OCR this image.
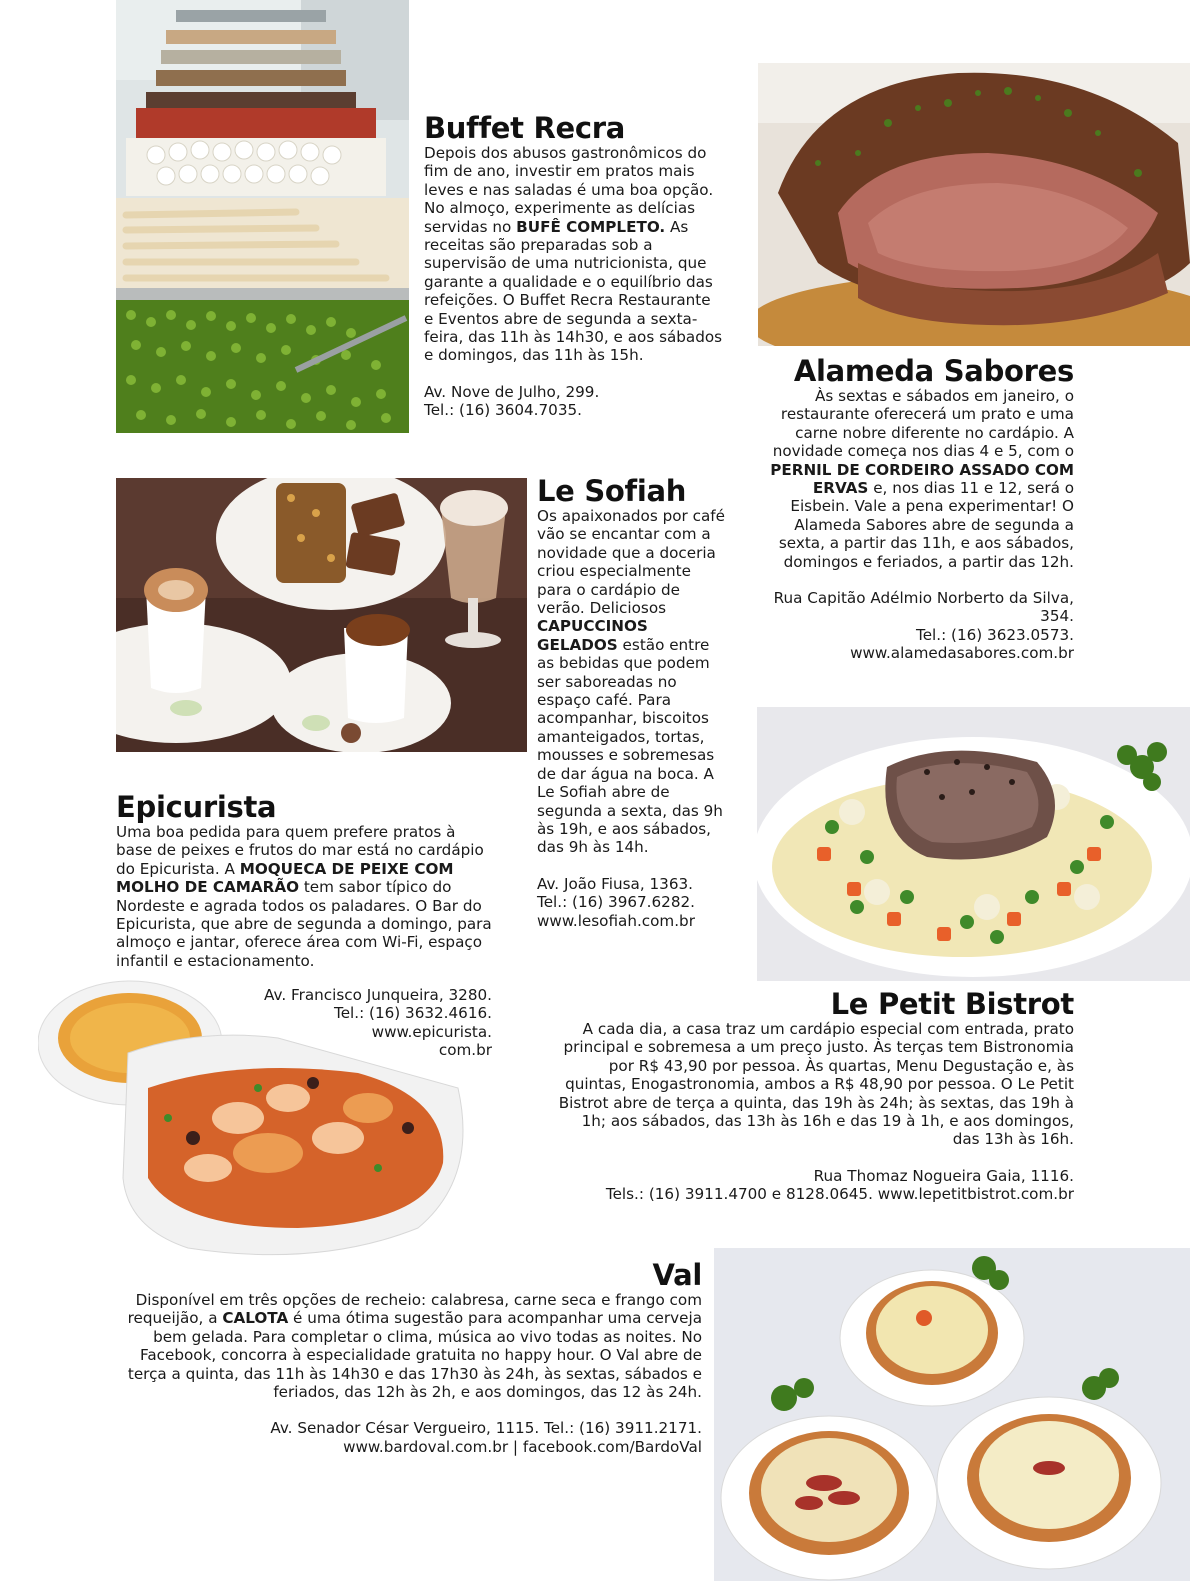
Buffet Recra

Depois dos abusos gastronômicos do fim de ano, investir em pratos mais leves e nas saladas é uma boa opção. No almoço, experimente as delícias servidas no BUFÊ COMPLETO. As receitas são preparadas sob a supervisão de uma nutricionista, que garante a qualidade e o equilíbrio das refeições. O Buffet Recra Restaurante e Eventos abre de segunda a sexta-feira, das 11h às 14h30, e aos sábados e domingos, das 11h às 15h.

Av. Nove de Julho, 299.

Tel.: (16) 3604.7035.

Alameda Sabores

Às sextas e sábados em janeiro, o restaurante oferecerá um prato e uma carne nobre diferente no cardápio. A novidade começa nos dias 4 e 5, com o PERNIL DE CORDEIRO ASSADO COM ERVAS e, nos dias 11 e 12, será o Eisbein. Vale a pena experimentar! O Alameda Sabores abre de segunda a sexta, a partir das 11h, e aos sábados, domingos e feriados, a partir das 12h.

Rua Capitão Adélmio Norberto da Silva, 354.

Tel.: (16) 3623.0573.

www.alamedasabores.com.br

Le Sofiah

Os apaixonados por café vão se encantar com a novidade que a doceria criou especialmente para o cardápio de verão. Deliciosos CAPUCCINOS GELADOS estão entre as bebidas que podem ser saboreadas no espaço café. Para acompanhar, biscoitos amanteigados, tortas, mousses e sobremesas de dar água na boca. A Le Sofiah abre de segunda a sexta, das 9h às 19h, e aos sábados, das 9h às 14h.

Av. João Fiusa, 1363.

Tel.: (16) 3967.6282.

www.lesofiah.com.br

Epicurista

Uma boa pedida para quem prefere pratos à base de peixes e frutos do mar está no cardápio do Epicurista. A MOQUECA DE PEIXE COM MOLHO DE CAMARÃO tem sabor típico do Nordeste e agrada todos os paladares. O Bar do Epicurista, que abre de segunda a domingo, para almoço e jantar, oferece área com Wi-Fi, espaço infantil e estacionamento.

Av. Francisco Junqueira, 3280.

Tel.: (16) 3632.4616.

www.epicurista.
com.br

Le Petit Bistrot

A cada dia, a casa traz um cardápio especial com entrada, prato principal e sobremesa a um preço justo. Às terças tem Bistronomia por R$ 43,90 por pessoa. Às quartas, Menu Degustação e, às quintas, Enogastronomia, ambos a R$ 48,90 por pessoa. O Le Petit Bistrot abre de terça a quinta, das 19h às 24h; às sextas, das 19h à 1h; aos sábados, das 13h às 16h e das 19 à 1h, e aos domingos, das 13h às 16h.

Rua Thomaz Nogueira Gaia, 1116.

Tels.: (16) 3911.4700 e 8128.0645. www.lepetitbistrot.com.br

Val

Disponível em três opções de recheio: calabresa, carne seca e frango com requeijão, a CALOTA é uma ótima sugestão para acompanhar uma cerveja bem gelada. Para completar o clima, música ao vivo todas as noites. No Facebook, concorra à especialidade gratuita no happy hour. O Val abre de terça a quinta, das 11h às 14h30 e das 17h30 às 24h, às sextas, sábados e feriados, das 12h às 2h, e aos domingos, das 12 às 24h.

Av. Senador César Vergueiro, 1115. Tel.: (16) 3911.2171.

www.bardoval.com.br | facebook.com/BardoVal
